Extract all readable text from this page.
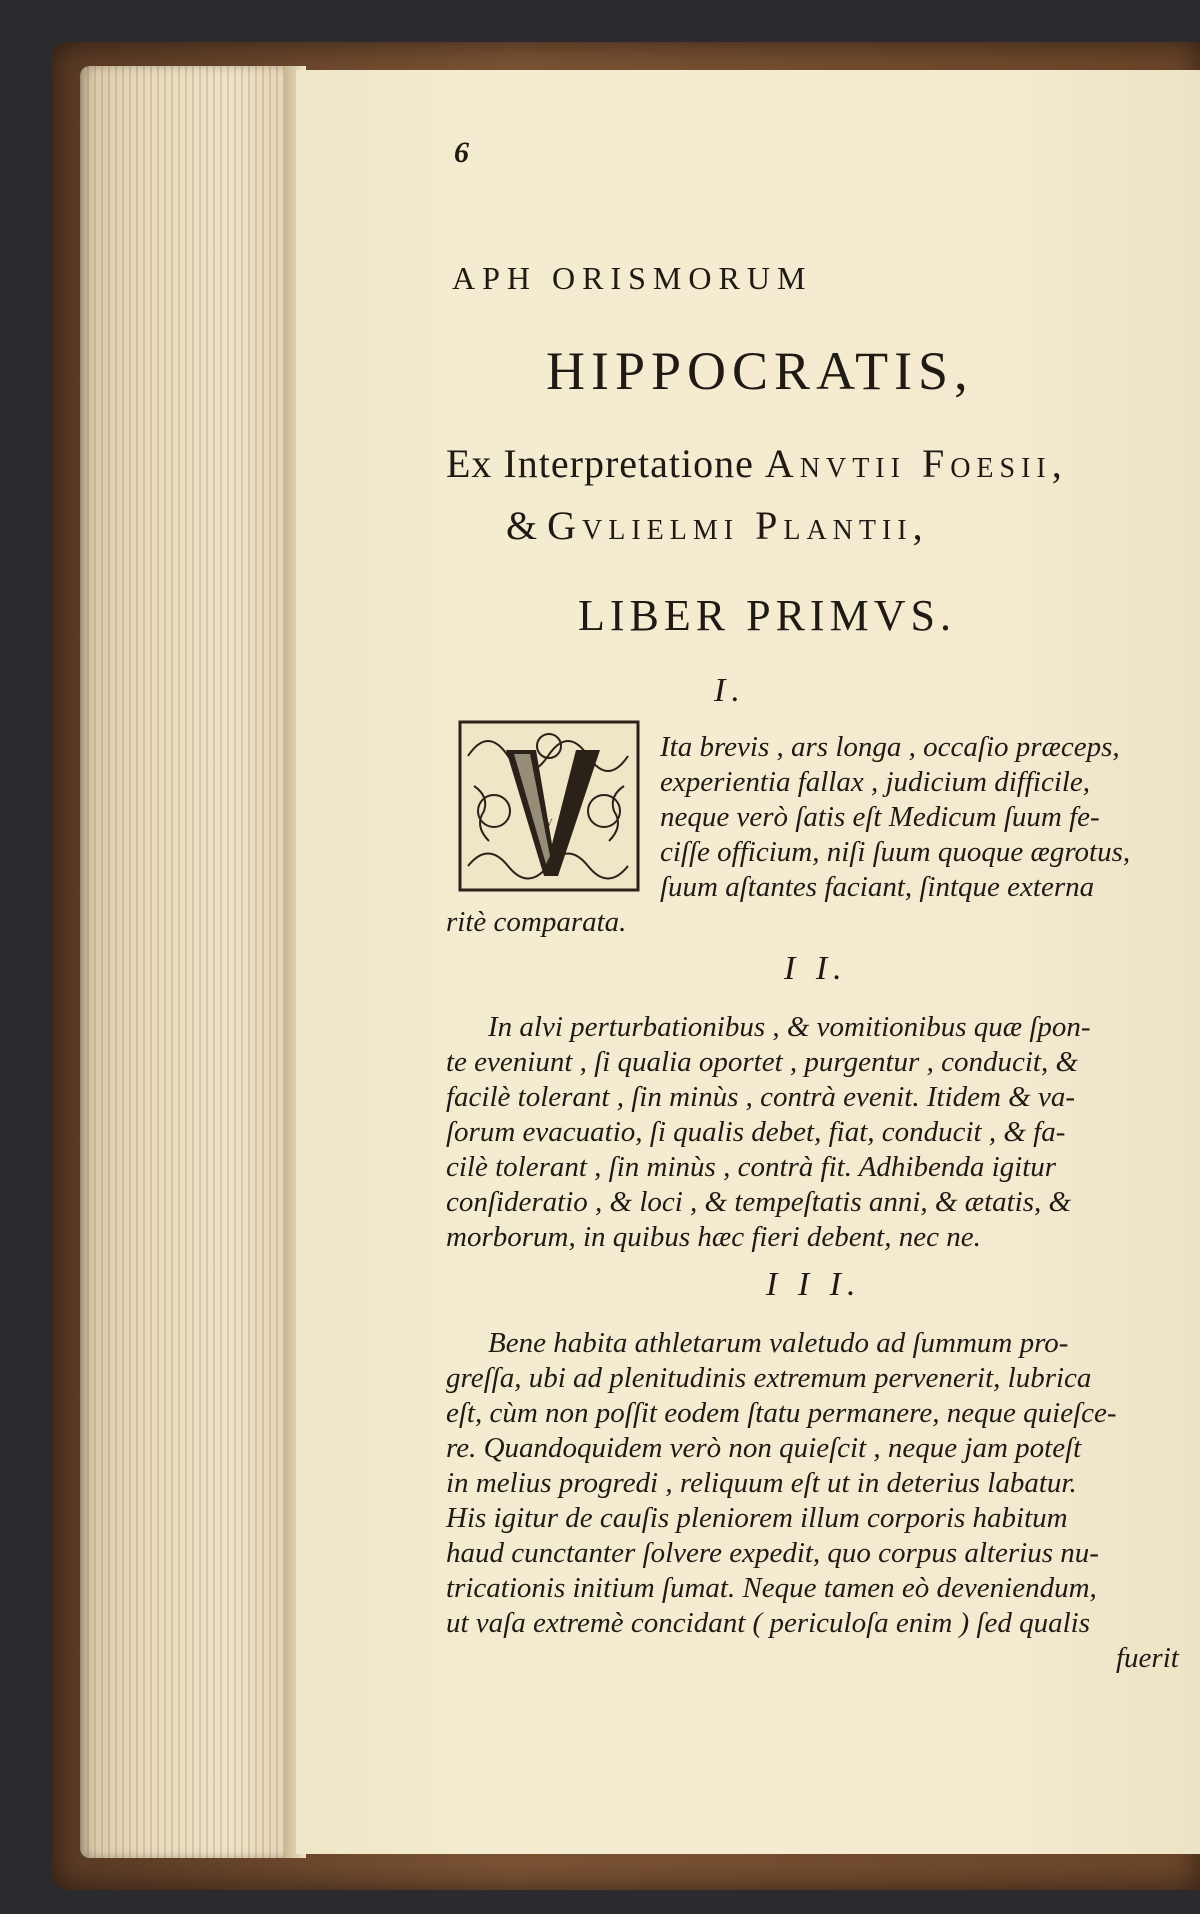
6
APH ORISMORUM
HIPPOCRATIS,
Ex Interpretatione Anvtii Foesii,
& Gvlielmi Plantii,
LIBER PRIMVS.
I.
V
Ita brevis , ars longa , occaſio præceps,
experientia fallax , judicium difficile,
neque verò ſatis eſt Medicum ſuum fe-
ciſſe officium, niſi ſuum quoque ægrotus,
ſuum aſtantes faciant, ſintque externa
ritè comparata.
I I.
In alvi perturbationibus , & vomitionibus quæ ſpon-
te eveniunt , ſi qualia oportet , purgentur , conducit, &
facilè tolerant , ſin minùs , contrà evenit. Itidem & va-
ſorum evacuatio, ſi qualis debet, fiat, conducit , & fa-
cilè tolerant , ſin minùs , contrà fit. Adhibenda igitur
conſideratio , & loci , & tempeſtatis anni, & ætatis, &
morborum, in quibus hæc fieri debent, nec ne.
I I I.
Bene habita athletarum valetudo ad ſummum pro-
greſſa, ubi ad plenitudinis extremum pervenerit, lubrica
eſt, cùm non poſſit eodem ſtatu permanere, neque quieſce-
re. Quandoquidem verò non quieſcit , neque jam poteſt
in melius progredi , reliquum eſt ut in deterius labatur.
His igitur de cauſis pleniorem illum corporis habitum
haud cunctanter ſolvere expedit, quo corpus alterius nu-
tricationis initium ſumat. Neque tamen eò deveniendum,
ut vaſa extremè concidant ( periculoſa enim ) ſed qualis
fuerit
